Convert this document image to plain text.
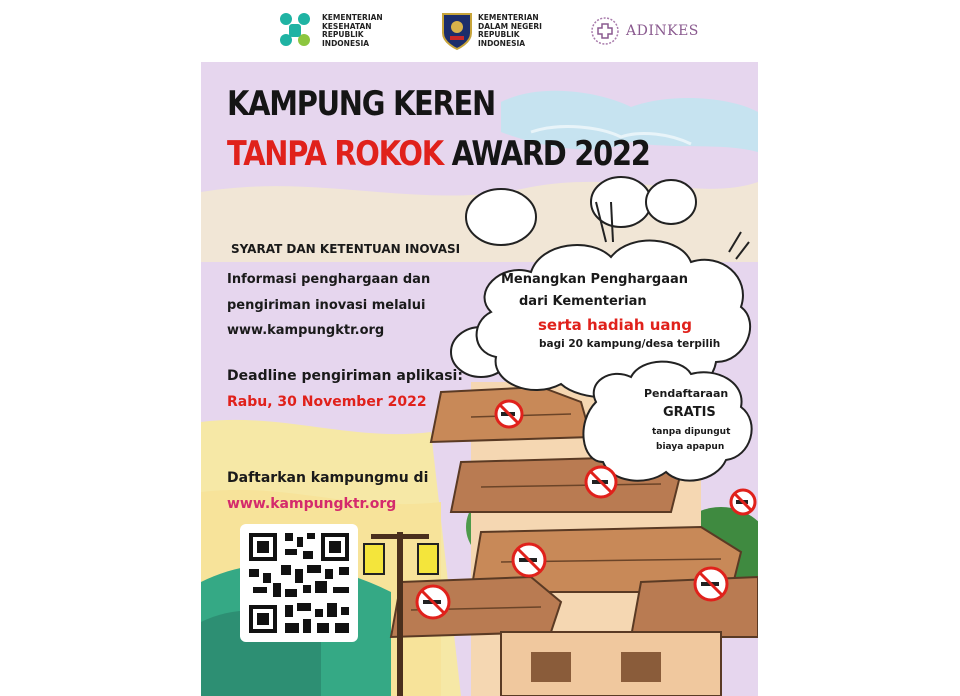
KEMENTERIAN
KESEHATAN
REPUBLIK
INDONESIA
KEMENTERIAN
DALAM NEGERI
REPUBLIK
INDONESIA
ADINKES
KAMPUNG KEREN
TANPA ROKOK AWARD 2022
SYARAT DAN KETENTUAN INOVASI
Informasi penghargaan dan
pengiriman inovasi melalui
www.kampungktr.org
Deadline pengiriman aplikasi:
Rabu, 30 November 2022
Daftarkan kampungmu di
www.kampungktr.org
Menangkan Penghargaan
dari Kementerian
serta hadiah uang
bagi 20 kampung/desa terpilih
Pendaftaraan
GRATIS
tanpa dipungut
biaya apapun
